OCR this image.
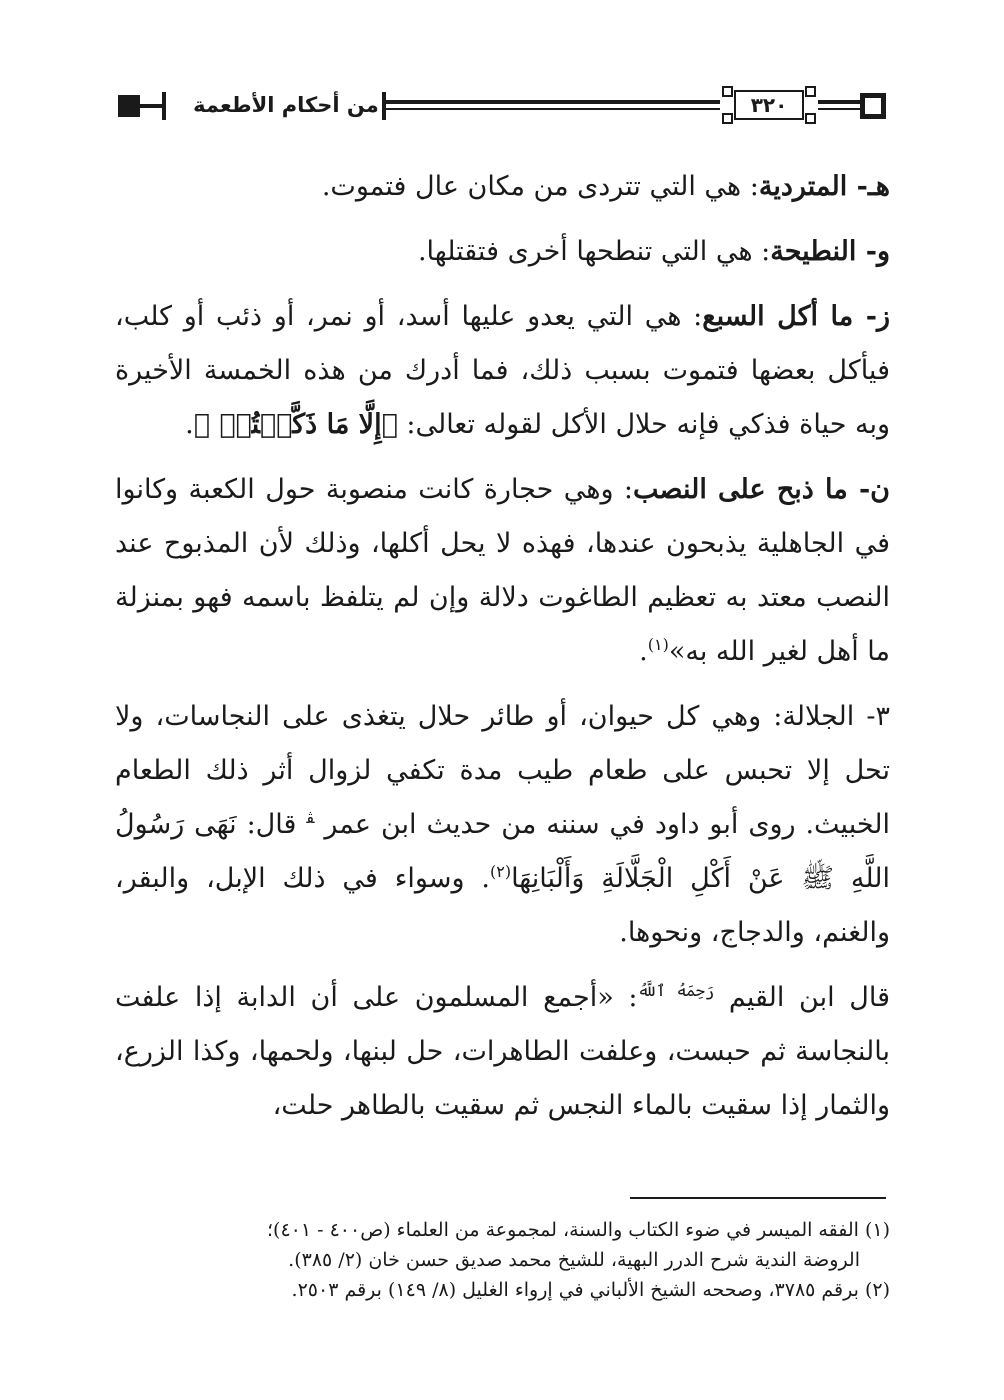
من أحكام الأطعمة	٣٢٠

هـ- المتردية: هي التي تتردى من مكان عال فتموت.

و- النطيحة: هي التي تنطحها أخرى فتقتلها.

ز- ما أكل السبع: هي التي يعدو عليها أسد، أو نمر، أو ذئب أو كلب، فيأكل بعضها فتموت بسبب ذلك، فما أدرك من هذه الخمسة الأخيرة وبه حياة فذكي فإنه حلال الأكل لقوله تعالى: ﴿إِلَّا مَا ذَكَّيۡتُمۡ ﴾.

ن- ما ذبح على النصب: وهي حجارة كانت منصوبة حول الكعبة وكانوا في الجاهلية يذبحون عندها، فهذه لا يحل أكلها، وذلك لأن المذبوح عند النصب معتد به تعظيم الطاغوت دلالة وإن لم يتلفظ باسمه فهو بمنزلة ما أهل لغير الله به»$^{(١)}$.

٣- الجلالة: وهي كل حيوان، أو طائر حلال يتغذى على النجاسات، ولا تحل إلا تحبس على طعام طيب مدة تكفي لزوال أثر ذلك الطعام الخبيث. روى أبو داود في سننه من حديث ابن عمر $^ﭭ$ قال: نَهَى رَسُولُ اللَّهِ ﷺ عَنْ أَكْلِ الْجَلَّالَةِ وَأَلْبَانِهَا$^{(٢)}$. وسواء في ذلك الإبل، والبقر، والغنم، والدجاج، ونحوها.

قال ابن القيم $^{رَحِمَهُ ٱللَّهُ}$: «أجمع المسلمون على أن الدابة إذا علفت بالنجاسة ثم حبست، وعلفت الطاهرات، حل لبنها، ولحمها، وكذا الزرع، والثمار إذا سقيت بالماء النجس ثم سقيت بالطاهر حلت،

(١) الفقه الميسر في ضوء الكتاب والسنة، لمجموعة من العلماء (ص٤٠٠ - ٤٠١)؛

الروضة الندية شرح الدرر البهية، للشيخ محمد صديق حسن خان (٢/ ٣٨٥).

(٢) برقم ٣٧٨٥، وصححه الشيخ الألباني في إرواء الغليل (٨/ ١٤٩) برقم ٢٥٠٣.
